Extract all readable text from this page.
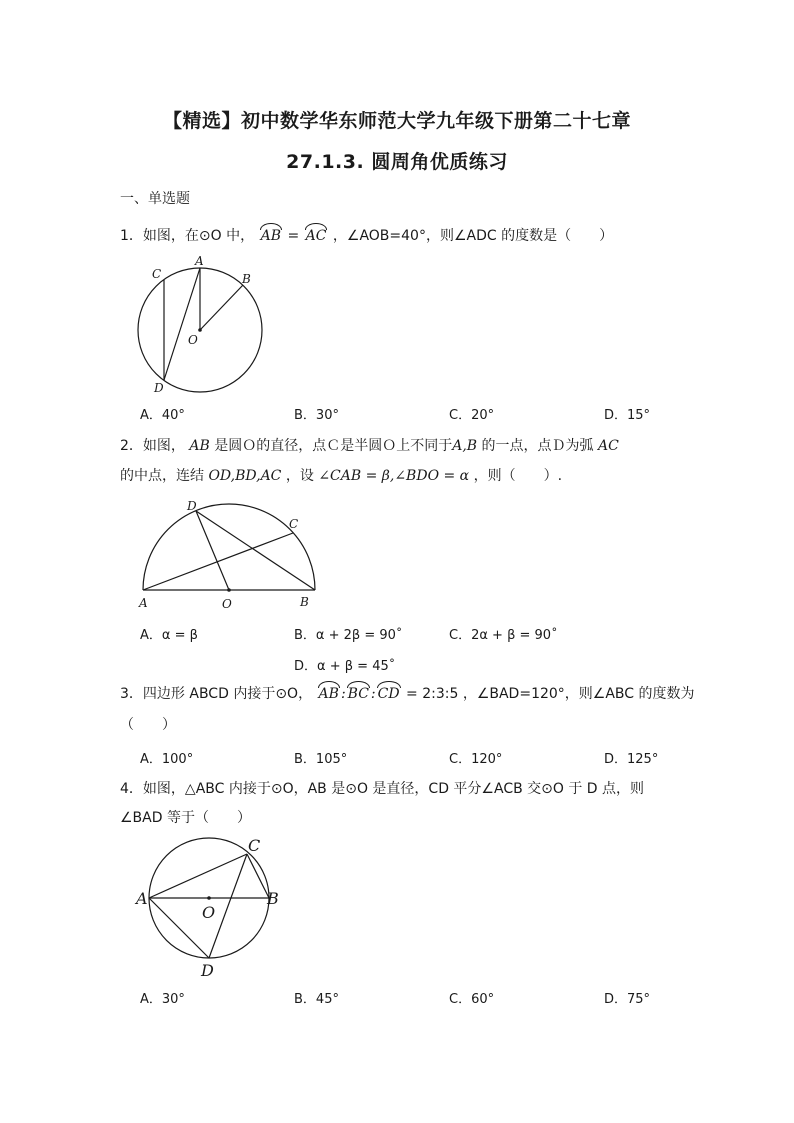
【精选】初中数学华东师范大学九年级下册第二十七章
27.1.3. 圆周角优质练习
一、单选题
1．如图，在⊙O 中， AB = AC ，∠AOB=40°，则∠ADC 的度数是（　　）
C
A
B
O
D
A．40°	B．30°	C．20°	D．15°
2．如图， AB 是圆Ｏ的直径，点Ｃ是半圆Ｏ上不同于A,B 的一点，点Ｄ为弧 AC
的中点，连结 OD,BD,AC ，设 ∠CAB = β,∠BDO = α ，则（　　）.
D
C
A	O	B
A．α = β	B．α + 2β = 90˚	C．2α + β = 90˚
D．α + β = 45˚
3．四边形 ABCD 内接于⊙O， AB : BC : CD = 2:3:5 ，∠BAD=120°，则∠ABC 的度数为
（　　）
A．100°	B．105°	C．120°	D．125°
4．如图，△ABC 内接于⊙O，AB 是⊙O 是直径，CD 平分∠ACB 交⊙O 于 D 点，则
∠BAD 等于（　　）
C
A
O
B
D
A．30°	B．45°	C．60°	D．75°
